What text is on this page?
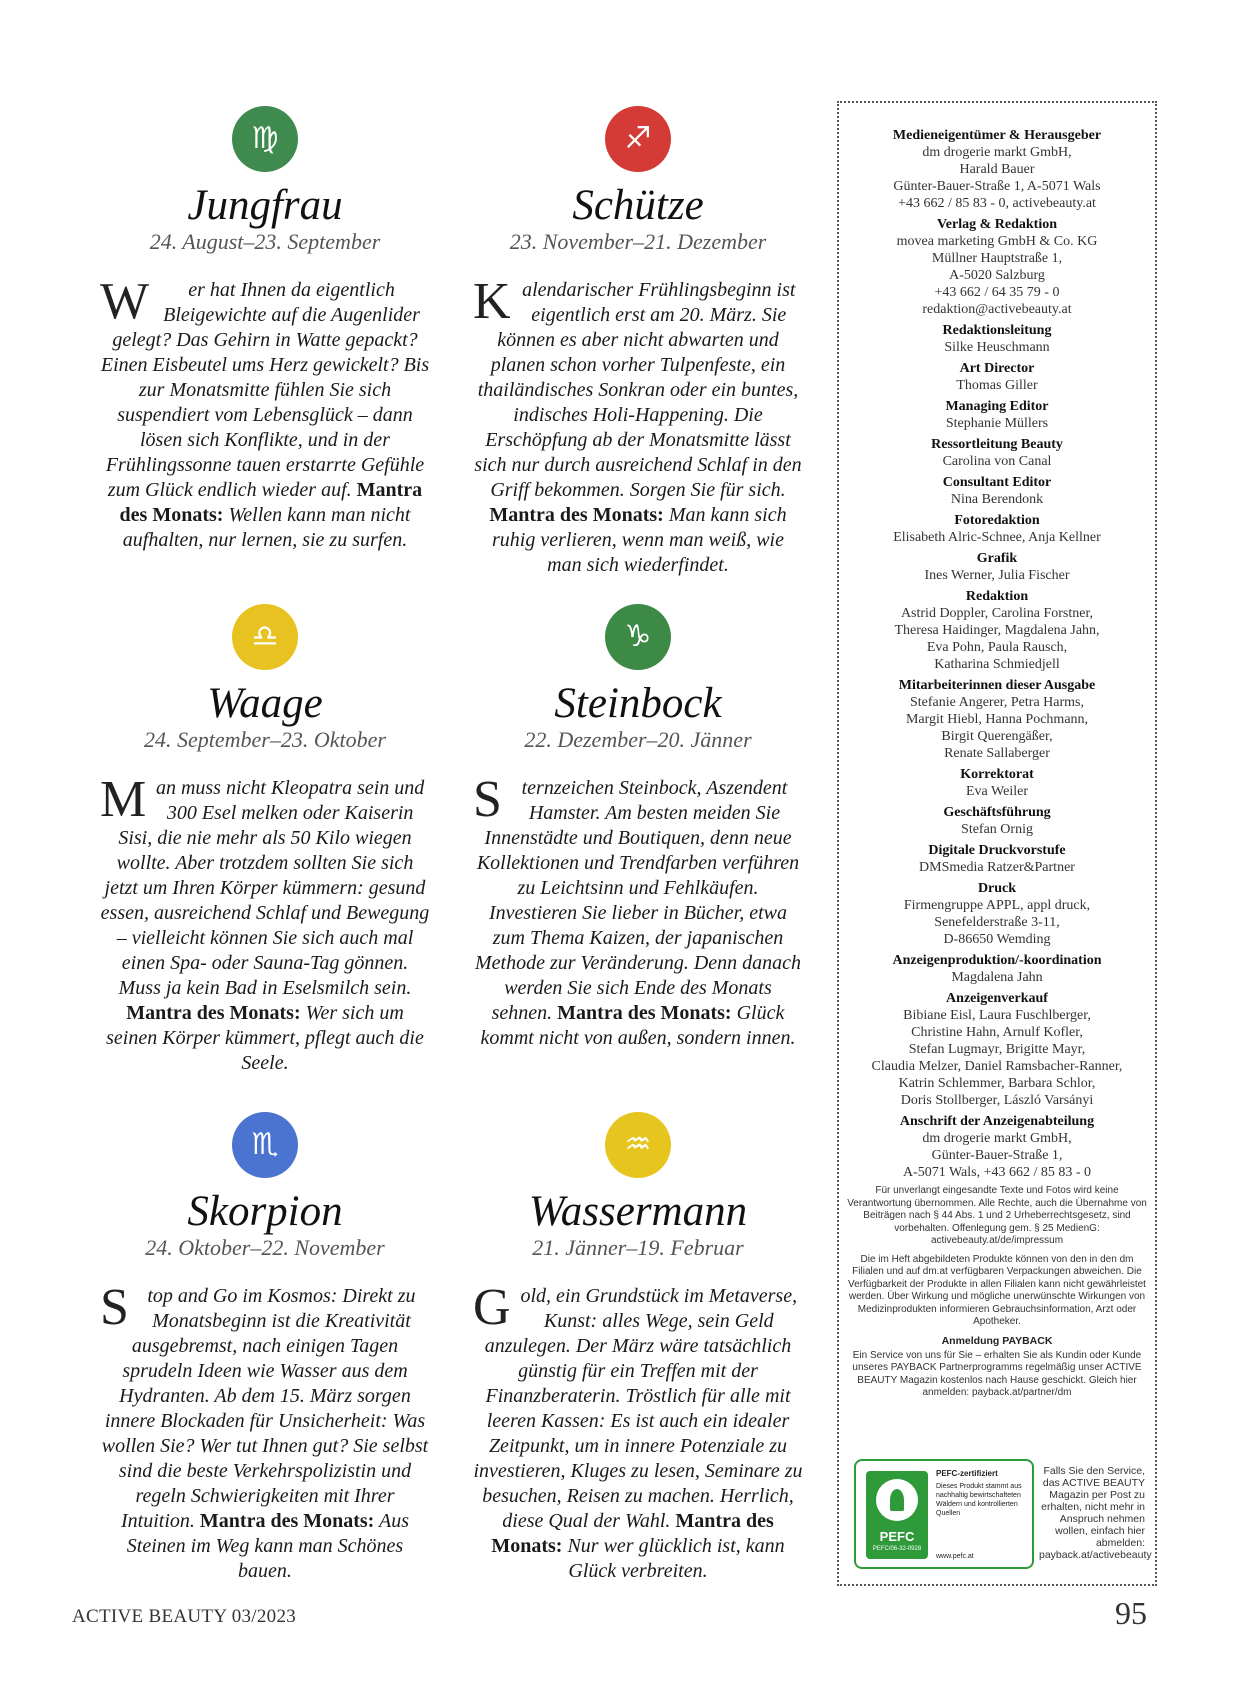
♍
Jungfrau
24. August–23. September
W er hat Ihnen da eigentlich Bleigewichte auf die Augenlider gelegt? Das Gehirn in Watte gepackt? Einen Eisbeutel ums Herz gewickelt? Bis zur Monatsmitte fühlen Sie sich suspendiert vom Lebensglück – dann lösen sich Konflikte, und in der Frühlingssonne tauen erstarrte Gefühle zum Glück endlich wieder auf. Mantra des Monats: Wellen kann man nicht aufhalten, nur lernen, sie zu surfen.
♐
Schütze
23. November–21. Dezember
Kalendarischer Frühlingsbeginn ist eigentlich erst am 20. März. Sie können es aber nicht abwarten und planen schon vorher Tulpenfeste, ein thailändisches Sonkran oder ein buntes, indisches Holi-Happening. Die Erschöpfung ab der Monatsmitte lässt sich nur durch ausreichend Schlaf in den Griff bekommen. Sorgen Sie für sich. Mantra des Monats: Man kann sich ruhig verlieren, wenn man weiß, wie man sich wiederfindet.
♎
Waage
24. September–23. Oktober
Man muss nicht Kleopatra sein und 300 Esel melken oder Kaiserin Sisi, die nie mehr als 50 Kilo wiegen wollte. Aber trotzdem sollten Sie sich jetzt um Ihren Körper kümmern: gesund essen, ausreichend Schlaf und Bewegung – vielleicht können Sie sich auch mal einen Spa- oder Sauna-Tag gönnen. Muss ja kein Bad in Eselsmilch sein. Mantra des Monats: Wer sich um seinen Körper kümmert, pflegt auch die Seele.
♑
Steinbock
22. Dezember–20. Jänner
Sternzeichen Steinbock, Aszendent Hamster. Am besten meiden Sie Innenstädte und Boutiquen, denn neue Kollektionen und Trendfarben verführen zu Leichtsinn und Fehlkäufen. Investieren Sie lieber in Bücher, etwa zum Thema Kaizen, der japanischen Methode zur Veränderung. Denn danach werden Sie sich Ende des Monats sehnen. Mantra des Monats: Glück kommt nicht von außen, sondern innen.
♏
Skorpion
24. Oktober–22. November
Stop and Go im Kosmos: Direkt zu Monatsbeginn ist die Kreativität ausgebremst, nach einigen Tagen sprudeln Ideen wie Wasser aus dem Hydranten. Ab dem 15. März sorgen innere Blockaden für Unsicherheit: Was wollen Sie? Wer tut Ihnen gut? Sie selbst sind die beste Verkehrspolizistin und regeln Schwierigkeiten mit Ihrer Intuition. Mantra des Monats: Aus Steinen im Weg kann man Schönes bauen.
♒
Wassermann
21. Jänner–19. Februar
Gold, ein Grundstück im Metaverse, Kunst: alles Wege, sein Geld anzulegen. Der März wäre tatsächlich günstig für ein Treffen mit der Finanzberaterin. Tröstlich für alle mit leeren Kassen: Es ist auch ein idealer Zeitpunkt, um in innere Potenziale zu investieren, Kluges zu lesen, Seminare zu besuchen, Reisen zu machen. Herrlich, diese Qual der Wahl. Mantra des Monats: Nur wer glücklich ist, kann Glück verbreiten.
Medieneigentümer & Herausgeber
dm drogerie markt GmbH,
Harald Bauer
Günter-Bauer-Straße 1, A-5071 Wals
+43 662 / 85 83 - 0, activebeauty.at
Verlag & Redaktion
movea marketing GmbH & Co. KG
Müllner Hauptstraße 1,
A-5020 Salzburg
+43 662 / 64 35 79 - 0
redaktion@activebeauty.at
Redaktionsleitung
Silke Heuschmann
Art Director
Thomas Giller
Managing Editor
Stephanie Müllers
Ressortleitung Beauty
Carolina von Canal
Consultant Editor
Nina Berendonk
Fotoredaktion
Elisabeth Alric-Schnee, Anja Kellner
Grafik
Ines Werner, Julia Fischer
Redaktion
Astrid Doppler, Carolina Forstner,
Theresa Haidinger, Magdalena Jahn,
Eva Pohn, Paula Rausch,
Katharina Schmiedjell
Mitarbeiterinnen dieser Ausgabe
Stefanie Angerer, Petra Harms,
Margit Hiebl, Hanna Pochmann,
Birgit Querengäßer,
Renate Sallaberger
Korrektorat
Eva Weiler
Geschäftsführung
Stefan Ornig
Digitale Druckvorstufe
DMSmedia Ratzer&Partner
Druck
Firmengruppe APPL, appl druck,
Senefelderstraße 3-11,
D-86650 Wemding
Anzeigenproduktion/-koordination
Magdalena Jahn
Anzeigenverkauf
Bibiane Eisl, Laura Fuschlberger,
Christine Hahn, Arnulf Kofler,
Stefan Lugmayr, Brigitte Mayr,
Claudia Melzer, Daniel Ramsbacher-Ranner,
Katrin Schlemmer, Barbara Schlor,
Doris Stollberger, László Varsányi
Anschrift der Anzeigenabteilung
dm drogerie markt GmbH,
Günter-Bauer-Straße 1,
A-5071 Wals, +43 662 / 85 83 - 0
Für unverlangt eingesandte Texte und Fotos wird keine Verantwortung übernommen. Alle Rechte, auch die Übernahme von Beiträgen nach § 44 Abs. 1 und 2 Urheberrechtsgesetz, sind vorbehalten. Offenlegung gem. § 25 MedienG: activebeauty.at/de/impressum
Die im Heft abgebildeten Produkte können von den in den dm Filialen und auf dm.at verfügbaren Verpackungen abweichen. Die Verfügbarkeit der Produkte in allen Filialen kann nicht gewährleistet werden. Über Wirkung und mögliche unerwünschte Wirkungen von Medizinprodukten informieren Gebrauchsinformation, Arzt oder Apotheker.
Anmeldung PAYBACK
Ein Service von uns für Sie – erhalten Sie als Kundin oder Kunde unseres PAYBACK Partnerprogramms regelmäßig unser ACTIVE BEAUTY Magazin kostenlos nach Hause geschickt. Gleich hier anmelden: payback.at/partner/dm
PEFC
PEFC/06-32-0928
PEFC-zertifiziert
Dieses Produkt stammt aus nachhaltig bewirtschafteten Wäldern und kontrollierten Quellen
www.pefc.at
Falls Sie den Service, das ACTIVE BEAUTY Magazin per Post zu erhalten, nicht mehr in Anspruch nehmen wollen, einfach hier abmelden: payback.at/activebeauty
ACTIVE BEAUTY 03/2023	95
